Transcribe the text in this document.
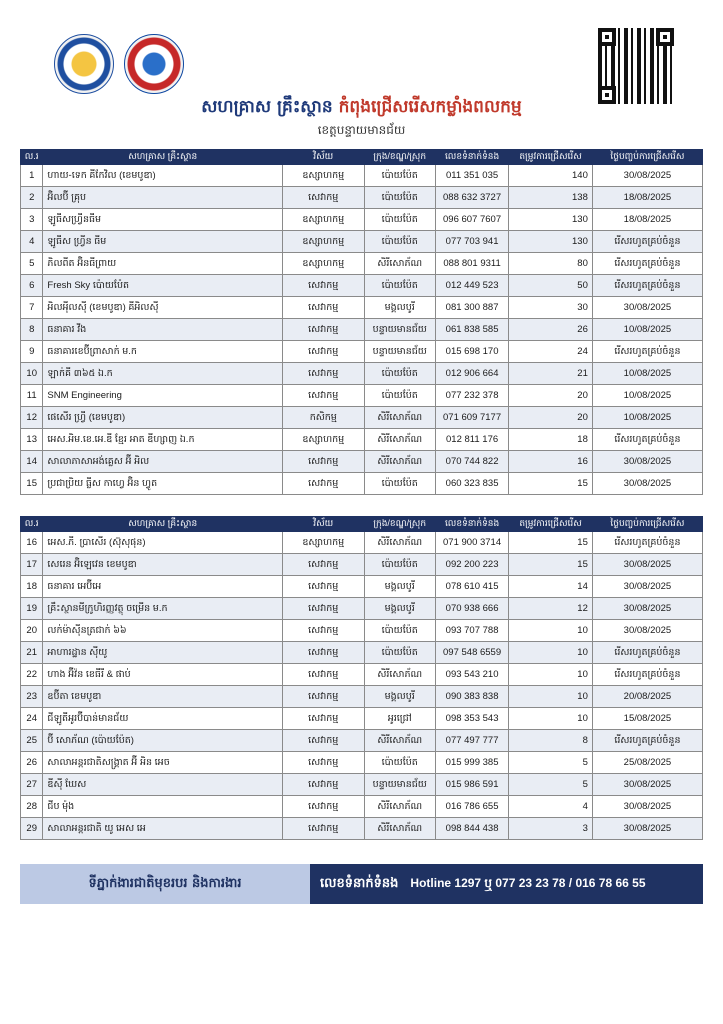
សហគ្រាស គ្រឹះស្ថាន កំពុងជ្រើសរើសកម្លាំងពលកម្ម
ខេត្តបន្ទាយមានជ័យ
ល.រ	សហគ្រាស គ្រឹះស្ថាន	វិស័យ	ក្រុង/ខណ្ឌ/ស្រុក	លេខទំនាក់ទំនង	តម្រូវការជ្រើសរើស	ថ្ងៃបញ្ចប់ការជ្រើសរើស
1	ហាយ-ទេក គីកែវិល (ខេមបូឌា)	ឧស្សាហកម្ម	ប៉ោយប៉ែត	011 351 035	140	30/08/2025
2	អ៊ិលប៊ី គ្រុប	សេវាកម្ម	ប៉ោយប៉ែត	088 632 3727	138	18/08/2025
3	ឡូធីសហ្វ្រីនធីម	ឧស្សាហកម្ម	ប៉ោយប៉ែត	096 607 7607	130	18/08/2025
4	ឡូធីស ហ្វ្រីន ធីម	ឧស្សាហកម្ម	ប៉ោយប៉ែត	077 703 941	130	រើសរហូតគ្រប់ចំនួន
5	ភិលពីត អ៊ិនធីព្រាយ	ឧស្សាហកម្ម	សិរីសោភ័ណ	088 801 9311	80	រើសរហូតគ្រប់ចំនួន
6	Fresh Sky ប៉ោយប៉ែត	សេវាកម្ម	ប៉ោយប៉ែត	012 449 523	50	រើសរហូតគ្រប់ចំនួន
7	អិលអុីលស៊ី (ខេមបូឌា) គីអិលស៊ី	សេវាកម្ម	មង្គលបូរី	081 300 887	30	30/08/2025
8	ធនាគារ វីង	សេវាកម្ម	បន្ទាយមានជ័យ	061 838 585	26	10/08/2025
9	ធនាគារខេប៊ីព្រាសាក់ ម.ក	សេវាកម្ម	បន្ទាយមានជ័យ	015 698 170	24	រើសរហូតគ្រប់ចំនួន
10	ឡាក់គី ៣៦៥ ឯ.ក	សេវាកម្ម	ប៉ោយប៉ែត	012 906 664	21	10/08/2025
11	SNM Engineering	សេវាកម្ម	ប៉ោយប៉ែត	077 232 378	20	10/08/2025
12	ផេសើរ ហ្វ្រី (ខេមបូឌា)	កសិកម្ម	សិរីសោភ័ណ	071 609 7177	20	10/08/2025
13	អេស.អិម.ខេ.អេ.ឌី ខ្មែរ អាត ឌីហ្សាញ ឯ.ក	ឧស្សាហកម្ម	សិរីសោភ័ណ	012 811 176	18	រើសរហូតគ្រប់ចំនួន
14	សាលាភាសាអង់គ្លេស អ៊ី អិល	សេវាកម្ម	សិរីសោភ័ណ	070 744 822	16	30/08/2025
15	ប្រជាប្រិយ ធ្លីស កាហ្វេ អ៊ិន ហ្វូត	សេវាកម្ម	ប៉ោយប៉ែត	060 323 835	15	30/08/2025
ល.រ	សហគ្រាស គ្រឹះស្ថាន	វិស័យ	ក្រុង/ខណ្ឌ/ស្រុក	លេខទំនាក់ទំនង	តម្រូវការជ្រើសរើស	ថ្ងៃបញ្ចប់ការជ្រើសរើស
16	អេស.ភី. ប្រាសេីរ (ស៊ុសុផុន)	ឧស្សាហកម្ម	សិរីសោភ័ណ	071 900 3714	15	រើសរហូតគ្រប់ចំនួន
17	សេរេន អ៊ិឡេវេន ខេមបូឌា	សេវាកម្ម	ប៉ោយប៉ែត	092 200 223	15	30/08/2025
18	ធនាគារ អេប៊ីអេ	សេវាកម្ម	មង្គលបូរី	078 610 415	14	30/08/2025
19	គ្រឹះស្ថានមីក្រូហិរញ្ញវត្ថុ ចម្រើន ម.ក	សេវាកម្ម	មង្គលបូរី	070 938 666	12	30/08/2025
20	លក់ម៉ាស៊ីនត្រជាក់ ៦៦	សេវាកម្ម	ប៉ោយប៉ែត	093 707 788	10	30/08/2025
21	អាហារដ្ឋាន ស៊ីយូ	សេវាកម្ម	ប៉ោយប៉ែត	097 548 6559	10	រើសរហូតគ្រប់ចំនួន
22	ហាង អ៊ីវ៉ន ខេធីរី & ផាប់	សេវាកម្ម	សិរីសោភ័ណ	093 543 210	10	រើសរហូតគ្រប់ចំនួន
23	ឧប៊ីតា ខេមបូឌា	សេវាកម្ម	មង្គលបូរី	090 383 838	10	20/08/2025
24	ជីឡូតីអូរប៊ីបាន់មានជ័យ	សេវាកម្ម	អូរជ្រៅ	098 353 543	10	15/08/2025
25	ប៊ី សោភ័ណ (ប៉ោយប៉ែត)	សេវាកម្ម	សិរីសោភ័ណ	077 497 777	8	រើសរហូតគ្រប់ចំនួន
26	សាលាអន្តរជាតិសង្គ្រាត អ៊ី អិន អេច	សេវាកម្ម	ប៉ោយប៉ែត	015 999 385	5	25/08/2025
27	ឌីស៊ី ឃែស	សេវាកម្ម	បន្ទាយមានជ័យ	015 986 591	5	30/08/2025
28	ជីប ម៉ុង	សេវាកម្ម	សិរីសោភ័ណ	016 786 655	4	30/08/2025
29	សាលាអន្តរជាតិ យូ អេស អេ	សេវាកម្ម	សិរីសោភ័ណ	098 844 438	3	30/08/2025
ទីភ្នាក់ងារជាតិមុខរបរ និងការងារ	លេខទំនាក់ទំនង Hotline 1297 ឬ 077 23 23 78 / 016 78 66 55
